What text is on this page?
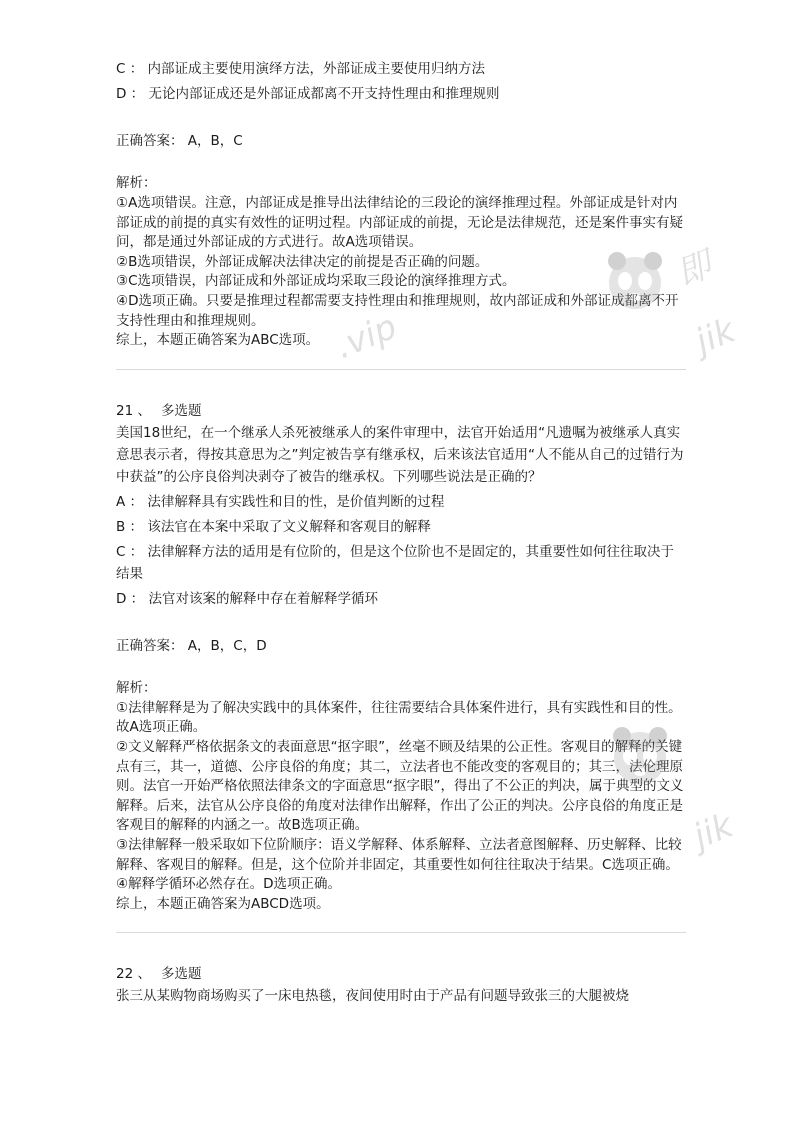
C ： 内部证成主要使用演绎方法，外部证成主要使用归纳方法

D ： 无论内部证成还是外部证成都离不开支持性理由和推理规则

正确答案： A，B，C

解析：

①A选项错误。注意，内部证成是推导出法律结论的三段论的演绎推理过程。外部证成是针对内部证成的前提的真实有效性的证明过程。内部证成的前提，无论是法律规范，还是案件事实有疑问，都是通过外部证成的方式进行。故A选项错误。

②B选项错误，外部证成解决法律决定的前提是否正确的问题。

③C选项错误，内部证成和外部证成均采取三段论的演绎推理方式。

④D选项正确。只要是推理过程都需要支持性理由和推理规则，故内部证成和外部证成都离不开支持性理由和推理规则。

综上，本题正确答案为ABC选项。

21 、 多选题

美国18世纪，在一个继承人杀死被继承人的案件审理中，法官开始适用“凡遗嘱为被继承人真实意思表示者，得按其意思为之”判定被告享有继承权，后来该法官适用“人不能从自己的过错行为中获益”的公序良俗判决剥夺了被告的继承权。下列哪些说法是正确的？

A ： 法律解释具有实践性和目的性，是价值判断的过程

B ： 该法官在本案中采取了文义解释和客观目的解释

C ： 法律解释方法的适用是有位阶的，但是这个位阶也不是固定的，其重要性如何往往取决于结果

D ： 法官对该案的解释中存在着解释学循环

正确答案： A，B，C，D

解析：

①法律解释是为了解决实践中的具体案件，往往需要结合具体案件进行，具有实践性和目的性。故A选项正确。

②文义解释严格依据条文的表面意思“抠字眼”，丝毫不顾及结果的公正性。客观目的解释的关键点有三，其一，道德、公序良俗的角度；其二，立法者也不能改变的客观目的；其三，法伦理原则。法官一开始严格依照法律条文的字面意思“抠字眼”，得出了不公正的判决，属于典型的文义解释。后来，法官从公序良俗的角度对法律作出解释，作出了公正的判决。公序良俗的角度正是客观目的解释的内涵之一。故B选项正确。

③法律解释一般采取如下位阶顺序：语义学解释、体系解释、立法者意图解释、历史解释、比较解释、客观目的解释。但是，这个位阶并非固定，其重要性如何往往取决于结果。C选项正确。

④解释学循环必然存在。D选项正确。

综上，本题正确答案为ABCD选项。

22 、 多选题

张三从某购物商场购买了一床电热毯，夜间使用时由于产品有问题导致张三的大腿被烧

即
.vip	jik
jik
